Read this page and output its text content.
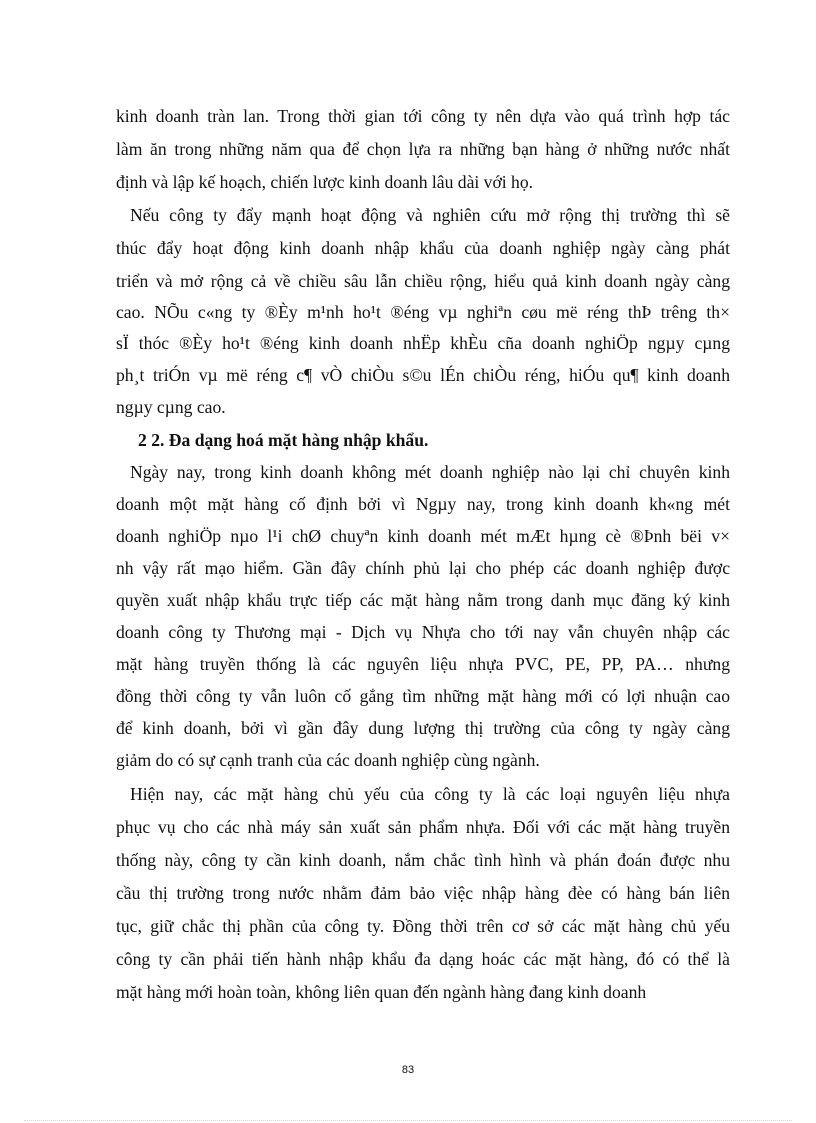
kinh doanh tràn lan. Trong thời gian tới công ty nên dựa vào quá trình hợp tác
làm ăn trong những năm qua để chọn lựa ra những bạn hàng ở những nước nhất
định và lập kế hoạch, chiến lược kinh doanh lâu dài với họ.
Nếu công ty đẩy mạnh hoạt động và nghiên cứu mở rộng thị trường thì sẽ
thúc đẩy hoạt động kinh doanh nhập khẩu của doanh nghiệp ngày càng phát
triển và mở rộng cả về chiều sâu lẫn chiều rộng, hiểu quả kinh doanh ngày càng
cao. NÕu c«ng ty ®Èy m¹nh ho¹t ®éng vµ nghiªn cøu më réng thÞ trêng th×
sÏ thóc ®Èy ho¹t ®éng kinh doanh nhËp khÈu cña doanh nghiÖp ngµy cµng
ph¸t triÓn vµ më réng c¶ vÒ chiÒu s©u lÉn chiÒu réng, hiÓu qu¶ kinh doanh
ngµy cµng cao.
2 2. Đa dạng hoá mặt hàng nhập khẩu.
Ngày nay, trong kinh doanh không mét doanh nghiệp nào lại chỉ chuyên kinh
doanh một mặt hàng cố định bởi vì Ngµy nay, trong kinh doanh kh«ng mét
doanh nghiÖp nµo l¹i chØ chuyªn kinh doanh mét mÆt hµng cè ®Þnh bëi v×
nh vậy rất mạo hiểm. Gần đây chính phủ lại cho phép các doanh nghiệp được
quyền xuất nhập khẩu trực tiếp các mặt hàng nằm trong danh mục đăng ký kinh
doanh công ty Thương mại - Dịch vụ Nhựa cho tới nay vẫn chuyên nhập các
mặt hàng truyền thống là các nguyên liệu nhựa PVC, PE, PP, PA… nhưng
đồng thời công ty vẫn luôn cố gắng tìm những mặt hàng mới có lợi nhuận cao
để kinh doanh, bởi vì gần đây dung lượng thị trường của công ty ngày càng
giảm do có sự cạnh tranh của các doanh nghiệp cùng ngành.
Hiện nay, các mặt hàng chủ yếu của công ty là các loại nguyên liệu nhựa
phục vụ cho các nhà máy sản xuất sản phẩm nhựa. Đối với các mặt hàng truyền
thống này, công ty cần kinh doanh, nắm chắc tình hình và phán đoán được nhu
cầu thị trường trong nước nhằm đảm bảo việc nhập hàng đèe có hàng bán liên
tục, giữ chắc thị phần của công ty. Đồng thời trên cơ sở các mặt hàng chủ yếu
công ty cần phải tiến hành nhập khẩu đa dạng hoác các mặt hàng, đó có thể là
mặt hàng mới hoàn toàn, không liên quan đến ngành hàng đang kinh doanh
83
